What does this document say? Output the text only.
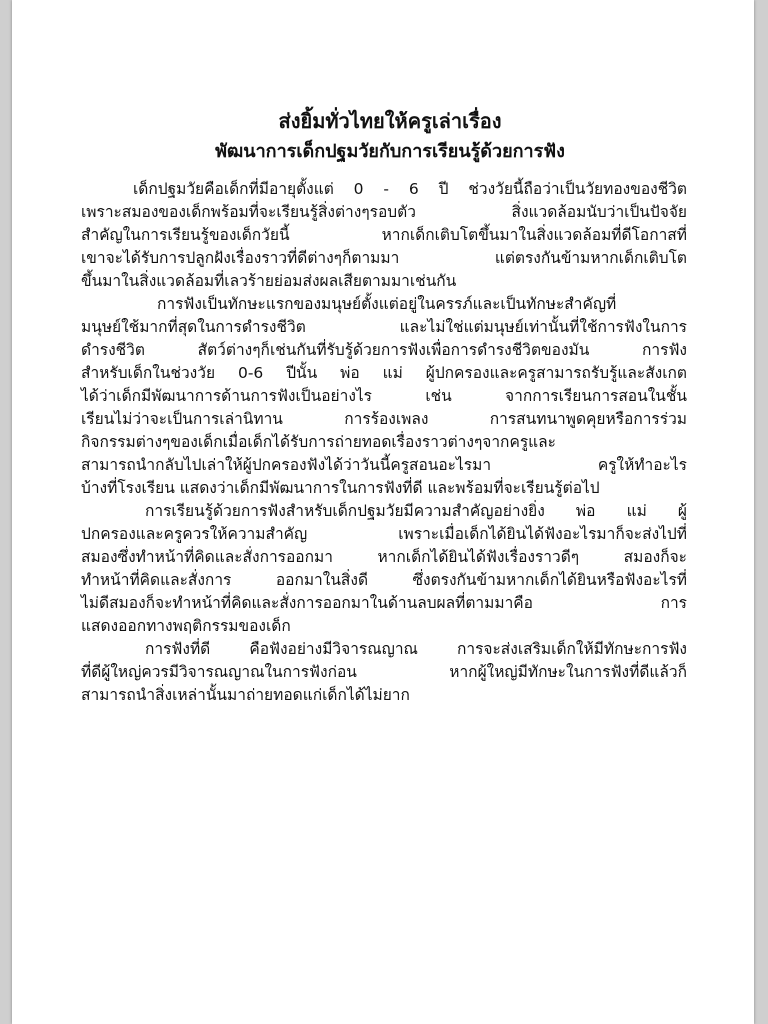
ส่งยิ้มทั่วไทยให้ครูเล่าเรื่อง
พัฒนาการเด็กปฐมวัยกับการเรียนรู้ด้วยการฟัง

เด็กปฐมวัยคือเด็กที่มีอายุตั้งแต่ 0 - 6 ปี ช่วงวัยนี้ถือว่าเป็นวัยทองของชีวิต
เพราะสมองของเด็กพร้อมที่จะเรียนรู้สิ่งต่างๆรอบตัว สิ่งแวดล้อมนับว่าเป็นปัจจัย
สำคัญในการเรียนรู้ของเด็กวัยนี้ หากเด็กเติบโตขึ้นมาในสิ่งแวดล้อมที่ดีโอกาสที่
เขาจะได้รับการปลูกฝังเรื่องราวที่ดีต่างๆก็ตามมา แต่ตรงกันข้ามหากเด็กเติบโต
ขึ้นมาในสิ่งแวดล้อมที่เลวร้ายย่อมส่งผลเสียตามมาเช่นกัน

การฟังเป็นทักษะแรกของมนุษย์ตั้งแต่อยู่ในครรภ์และเป็นทักษะสำคัญที่
มนุษย์ใช้มากที่สุดในการดำรงชีวิต และไม่ใช่แต่มนุษย์เท่านั้นที่ใช้การฟังในการ
ดำรงชีวิต สัตว์ต่างๆก็เช่นกันที่รับรู้ด้วยการฟังเพื่อการดำรงชีวิตของมัน การฟัง
สำหรับเด็กในช่วงวัย 0-6 ปีนั้น พ่อ แม่ ผู้ปกครองและครูสามารถรับรู้และสังเกต
ได้ว่าเด็กมีพัฒนาการด้านการฟังเป็นอย่างไร เช่น จากการเรียนการสอนในชั้น
เรียนไม่ว่าจะเป็นการเล่านิทาน การร้องเพลง การสนทนาพูดคุยหรือการร่วม
กิจกรรมต่างๆของเด็กเมื่อเด็กได้รับการถ่ายทอดเรื่องราวต่างๆจากครูและ
สามารถนำกลับไปเล่าให้ผู้ปกครองฟังได้ว่าวันนี้ครูสอนอะไรมา ครูให้ทำอะไร
บ้างที่โรงเรียน แสดงว่าเด็กมีพัฒนาการในการฟังที่ดี และพร้อมที่จะเรียนรู้ต่อไป

การเรียนรู้ด้วยการฟังสำหรับเด็กปฐมวัยมีความสำคัญอย่างยิ่ง พ่อ แม่ ผู้
ปกครองและครูควรให้ความสำคัญ เพราะเมื่อเด็กได้ยินได้ฟังอะไรมาก็จะส่งไปที่
สมองซึ่งทำหน้าที่คิดและสั่งการออกมา หากเด็กได้ยินได้ฟังเรื่องราวดีๆ สมองก็จะ
ทำหน้าที่คิดและสั่งการ ออกมาในสิ่งดี ซึ่งตรงกันข้ามหากเด็กได้ยินหรือฟังอะไรที่
ไม่ดีสมองก็จะทำหน้าที่คิดและสั่งการออกมาในด้านลบผลที่ตามมาคือ การ
แสดงออกทางพฤติกรรมของเด็ก

การฟังที่ดี คือฟังอย่างมีวิจารณญาณ การจะส่งเสริมเด็กให้มีทักษะการฟัง
ที่ดีผู้ใหญ่ควรมีวิจารณญาณในการฟังก่อน หากผู้ใหญ่มีทักษะในการฟังที่ดีแล้วก็
สามารถนำสิ่งเหล่านั้นมาถ่ายทอดแก่เด็กได้ไม่ยาก
